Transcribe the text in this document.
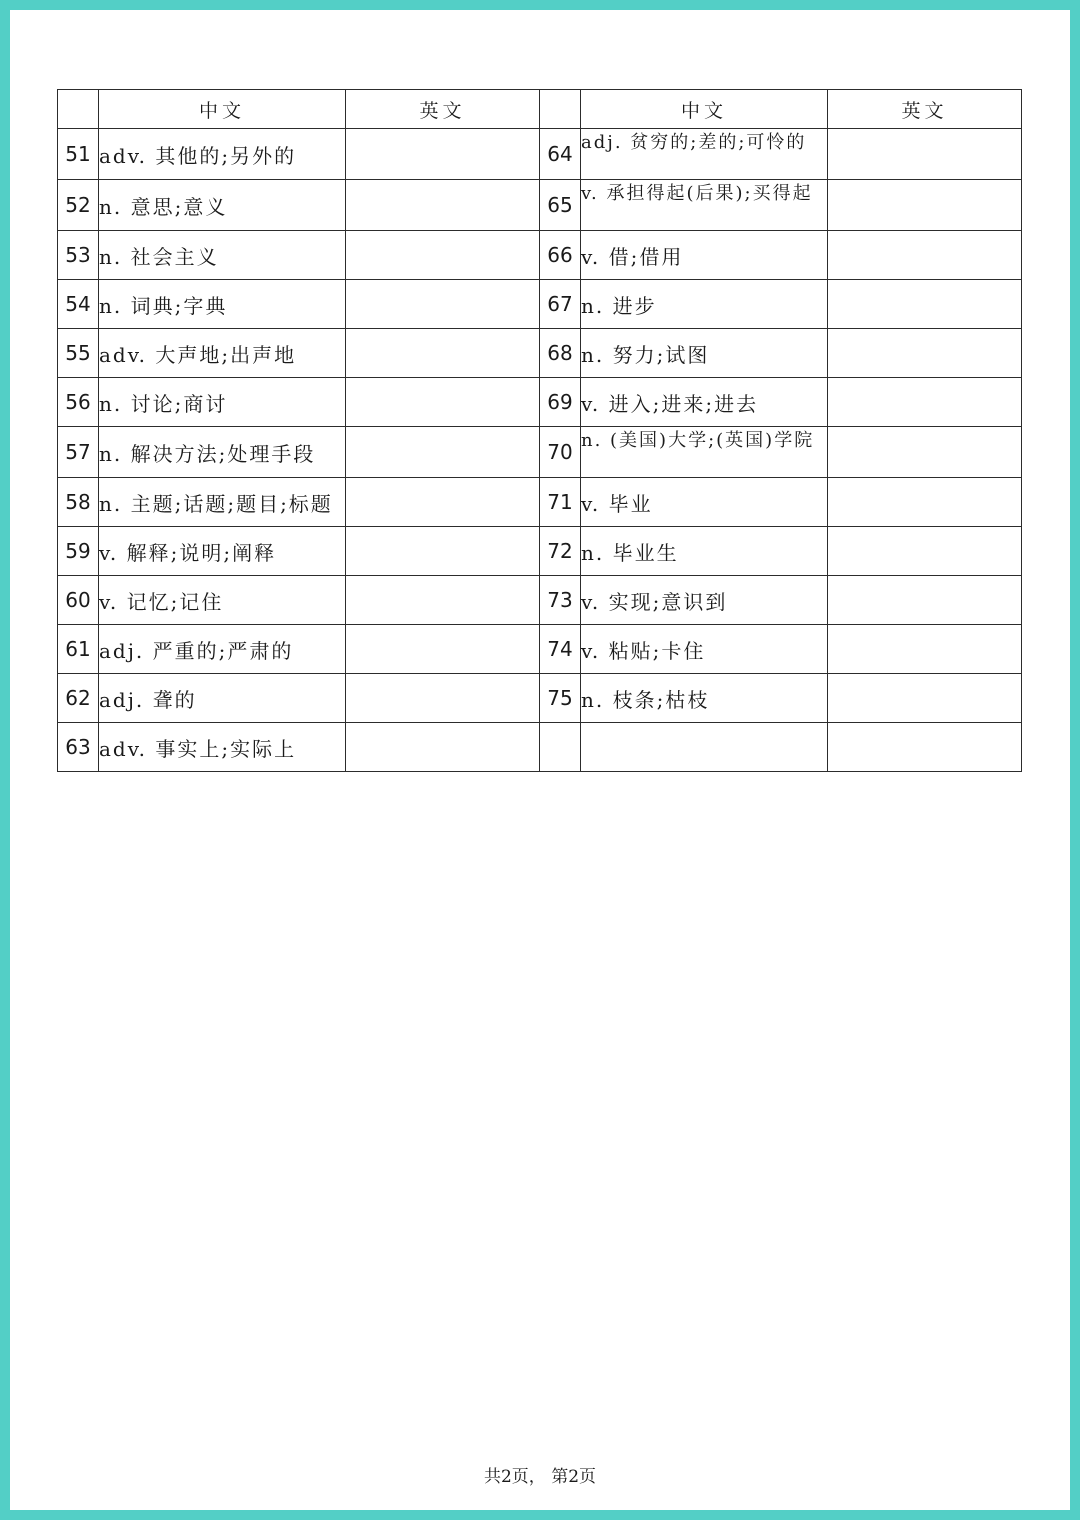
	中文	英文		中文	英文
51	adv. 其他的;另外的		64	adj. 贫穷的;差的;可怜的	
52	n. 意思;意义		65	v. 承担得起(后果);买得起	
53	n. 社会主义		66	v. 借;借用	
54	n. 词典;字典		67	n. 进步	
55	adv. 大声地;出声地		68	n. 努力;试图	
56	n. 讨论;商讨		69	v. 进入;进来;进去	
57	n. 解决方法;处理手段		70	n. (美国)大学;(英国)学院	
58	n. 主题;话题;题目;标题		71	v. 毕业	
59	v. 解释;说明;阐释		72	n. 毕业生	
60	v. 记忆;记住		73	v. 实现;意识到	
61	adj. 严重的;严肃的		74	v. 粘贴;卡住	
62	adj. 聋的		75	n. 枝条;枯枝	
63	adv. 事实上;实际上				
共2页， 第2页
